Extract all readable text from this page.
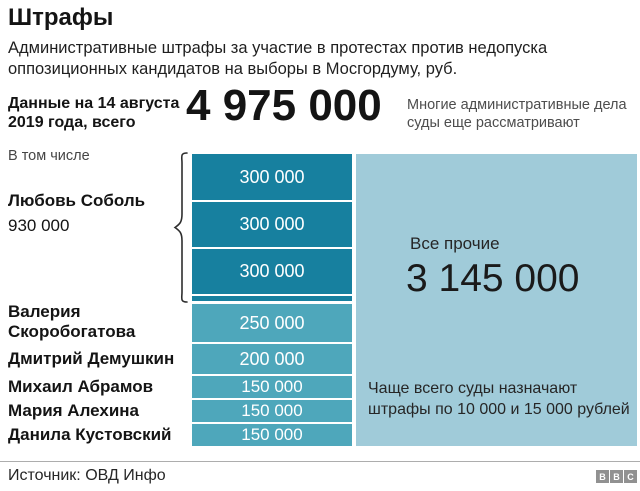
Штрафы
Административные штрафы за участие в протестах против недопуска оппозиционных кандидатов на выборы в Мосгордуму, руб.
Данные на 14 августа 2019 года, всего	4 975 000 Многие административные дела суды еще рассматривают
В том числе
Любовь Соболь
930 000
Валерия Скоробогатова
Дмитрий Демушкин
Михаил Абрамов
Мария Алехина
Данила Кустовский
300 000
300 000
300 000
250 000
200 000
150 000
150 000
150 000
Все прочие
3 145 000
Чаще всего суды назначают штрафы по 10 000 и 15 000 рублей
Источник: ОВД Инфо	B B C
